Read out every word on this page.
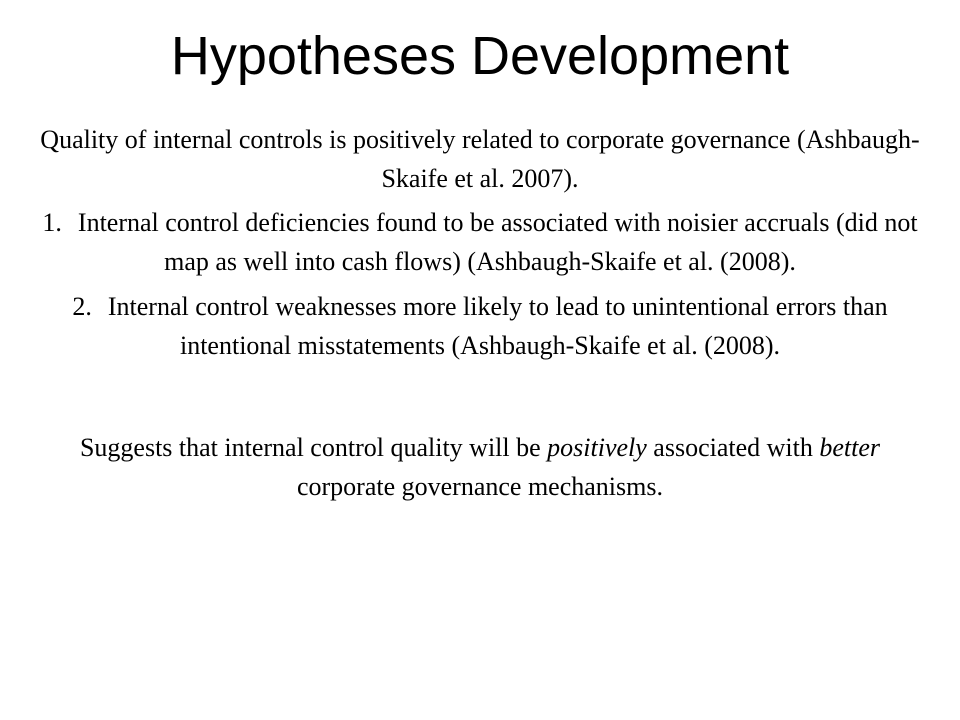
Hypotheses Development

Quality of internal controls is positively related to corporate governance (Ashbaugh-Skaife et al. 2007).

1. Internal control deficiencies found to be associated with noisier accruals (did not map as well into cash flows) (Ashbaugh-Skaife et al. (2008).
2. Internal control weaknesses more likely to lead to unintentional errors than intentional misstatements (Ashbaugh-Skaife et al. (2008).

Suggests that internal control quality will be positively associated with better corporate governance mechanisms.
